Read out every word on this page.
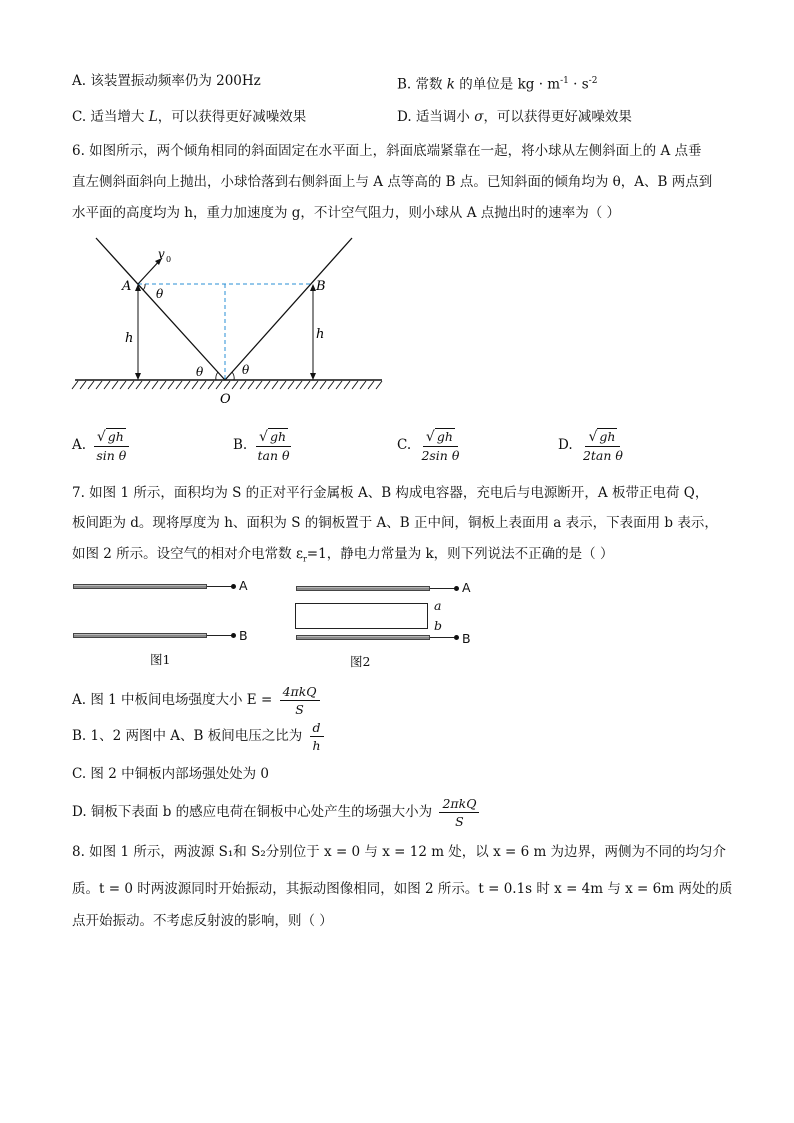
A. 该装置振动频率仍为 200Hz	B. 常数 k 的单位是 kg · $m^{-1} \cdot s^{-2}$
C. 适当增大 L，可以获得更好减噪效果	D. 适当调小 σ，可以获得更好减噪效果
6. 如图所示，两个倾角相同的斜面固定在水平面上，斜面底端紧靠在一起，将小球从左侧斜面上的 A 点垂
直左侧斜面斜向上抛出，小球恰落到右侧斜面上与 A 点等高的 B 点。已知斜面的倾角均为 θ，A、B 两点到
水平面的高度均为 h，重力加速度为 g，不计空气阻力，则小球从 A 点抛出时的速率为（ ）
v 0
A	B
θ
θ	θ
h	h
O
A. $\frac{√ gh}{\text{sin θ}}$	B. $\frac{√ gh}{\text{tan θ}}$	C. $\frac{√ gh}{\text{2sin θ}}$	D. $\frac{√ gh}{\text{2tan θ}}$
7. 如图 1 所示，面积均为 S 的正对平行金属板 A、B 构成电容器，充电后与电源断开，A 板带正电荷 Q，
板间距为 d。现将厚度为 h、面积为 S 的铜板置于 A、B 正中间，铜板上表面用 a 表示，下表面用 b 表示，
如图 2 所示。设空气的相对介电常数 $\varepsilon_r=1$，静电力常量为 k，则下列说法不正确的是（ ）
A
B
图1
A
a
b
B
图2
A. 图 1 中板间电场强度大小 $E = \frac{\text{4πkQ}}{S}$
B. 1、2 两图中 A、B 板间电压之比为 $\frac{d}{h}$
C. 图 2 中铜板内部场强处处为 0
D. 铜板下表面 b 的感应电荷在铜板中心处产生的场强大小为 $\frac{\text{2πkQ}}{S}$
8. 如图 1 所示，两波源 S₁和 S₂分别位于 x = 0 与 x = 12 m 处，以 x = 6 m 为边界，两侧为不同的均匀介
质。t = 0 时两波源同时开始振动，其振动图像相同，如图 2 所示。t = 0.1s 时 x = 4m 与 x = 6m 两处的质
点开始振动。不考虑反射波的影响，则（ ）
